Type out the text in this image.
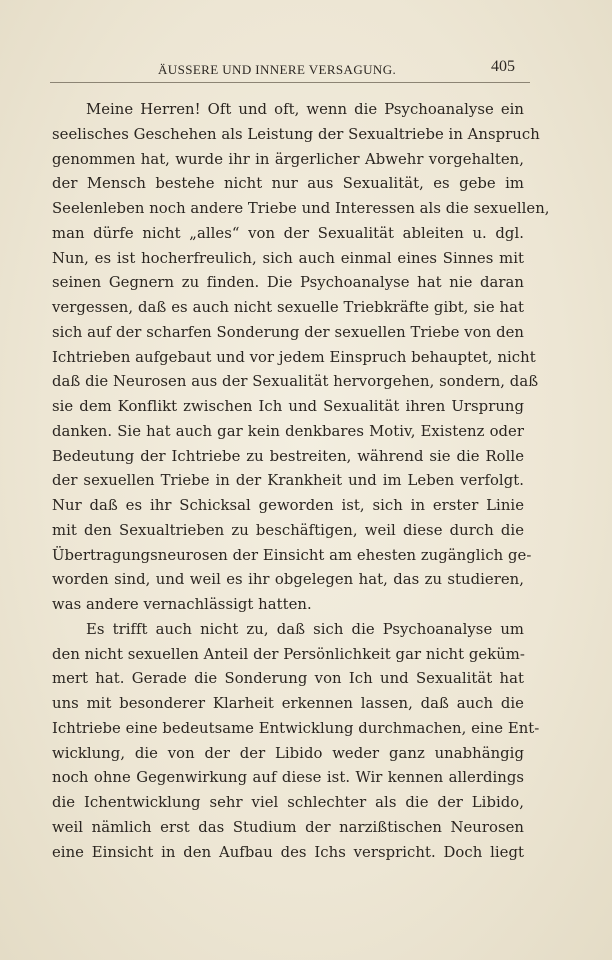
ÄUSSERE UND INNERE VERSAGUNG.	405
Meine Herren! Oft und oft, wenn die Psychoanalyse ein
seelisches Geschehen als Leistung der Sexualtriebe in Anspruch
genommen hat, wurde ihr in ärgerlicher Abwehr vorgehalten,
der Mensch bestehe nicht nur aus Sexualität, es gebe im
Seelenleben noch andere Triebe und Interessen als die sexuellen,
man dürfe nicht „alles“ von der Sexualität ableiten u. dgl.
Nun, es ist hocherfreulich, sich auch einmal eines Sinnes mit
seinen Gegnern zu finden. Die Psychoanalyse hat nie daran
vergessen, daß es auch nicht sexuelle Triebkräfte gibt, sie hat
sich auf der scharfen Sonderung der sexuellen Triebe von den
Ichtrieben aufgebaut und vor jedem Einspruch behauptet, nicht
daß die Neurosen aus der Sexualität hervorgehen, sondern, daß
sie dem Konflikt zwischen Ich und Sexualität ihren Ursprung
danken. Sie hat auch gar kein denkbares Motiv, Existenz oder
Bedeutung der Ichtriebe zu bestreiten, während sie die Rolle
der sexuellen Triebe in der Krankheit und im Leben verfolgt.
Nur daß es ihr Schicksal geworden ist, sich in erster Linie
mit den Sexualtrieben zu beschäftigen, weil diese durch die
Übertragungsneurosen der Einsicht am ehesten zugänglich ge-
worden sind, und weil es ihr obgelegen hat, das zu studieren,
was andere vernachlässigt hatten.
Es trifft auch nicht zu, daß sich die Psychoanalyse um
den nicht sexuellen Anteil der Persönlichkeit gar nicht geküm-
mert hat. Gerade die Sonderung von Ich und Sexualität hat
uns mit besonderer Klarheit erkennen lassen, daß auch die
Ichtriebe eine bedeutsame Entwicklung durchmachen, eine Ent-
wicklung, die von der der Libido weder ganz unabhängig
noch ohne Gegenwirkung auf diese ist. Wir kennen allerdings
die Ichentwicklung sehr viel schlechter als die der Libido,
weil nämlich erst das Studium der narzißtischen Neurosen
eine Einsicht in den Aufbau des Ichs verspricht. Doch liegt
